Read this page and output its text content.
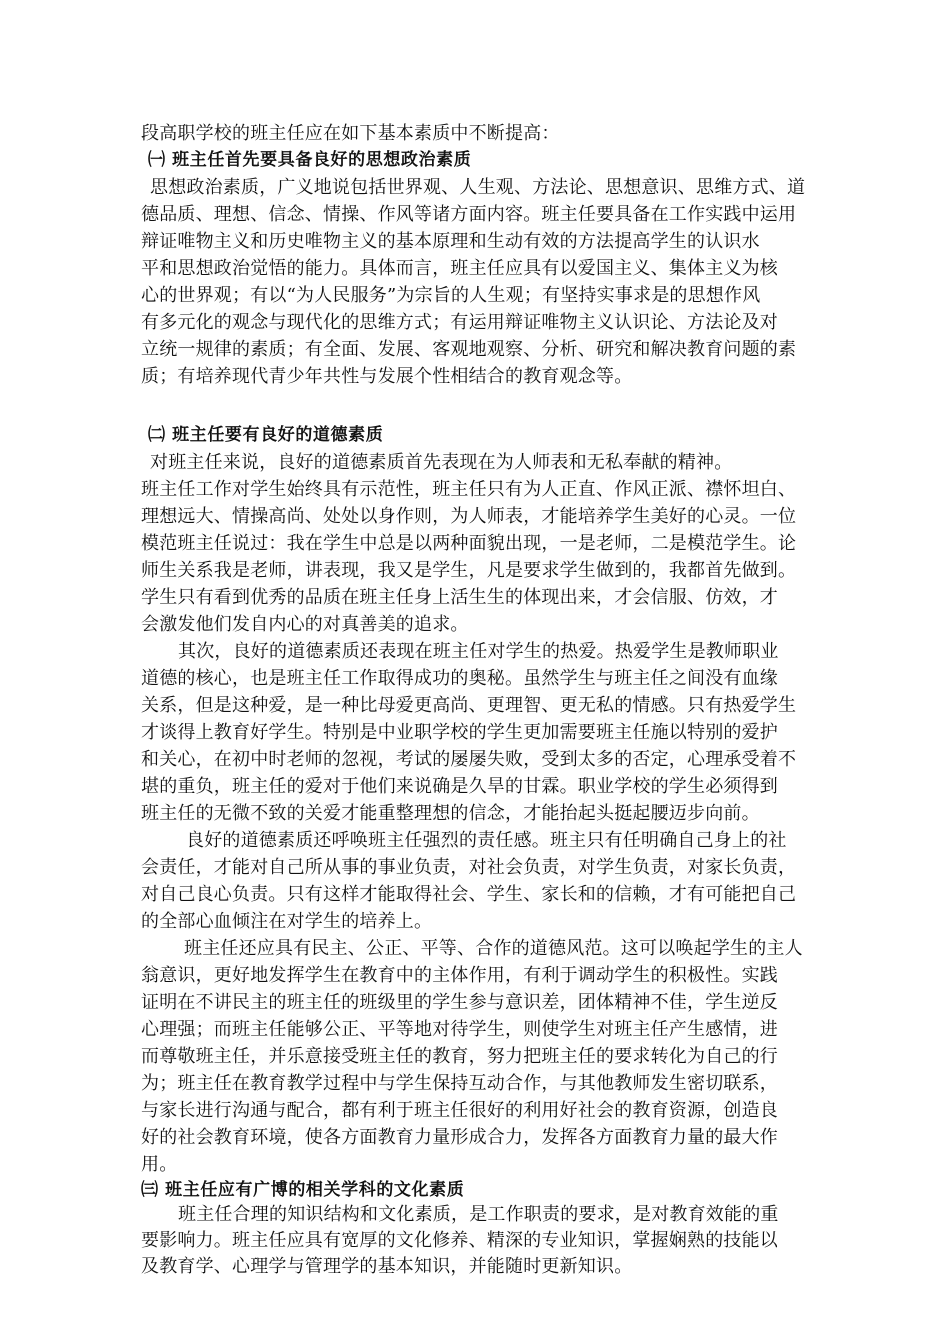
段高职学校的班主任应在如下基本素质中不断提高：
㈠ 班主任首先要具备良好的思想政治素质
思想政治素质，广义地说包括世界观、人生观、方法论、思想意识、思维方式、道
德品质、理想、信念、情操、作风等诸方面内容。班主任要具备在工作实践中运用
辩证唯物主义和历史唯物主义的基本原理和生动有效的方法提高学生的认识水
平和思想政治觉悟的能力。具体而言，班主任应具有以爱国主义、集体主义为核
心的世界观；有以“为人民服务”为宗旨的人生观；有坚持实事求是的思想作风
有多元化的观念与现代化的思维方式；有运用辩证唯物主义认识论、方法论及对
立统一规律的素质；有全面、发展、客观地观察、分析、研究和解决教育问题的素
质；有培养现代青少年共性与发展个性相结合的教育观念等。
㈡ 班主任要有良好的道德素质
对班主任来说，良好的道德素质首先表现在为人师表和无私奉献的精神。
班主任工作对学生始终具有示范性，班主任只有为人正直、作风正派、襟怀坦白、
理想远大、情操高尚、处处以身作则，为人师表，才能培养学生美好的心灵。一位
模范班主任说过：我在学生中总是以两种面貌出现，一是老师，二是模范学生。论
师生关系我是老师，讲表现，我又是学生，凡是要求学生做到的，我都首先做到。
学生只有看到优秀的品质在班主任身上活生生的体现出来，才会信服、仿效，才
会激发他们发自内心的对真善美的追求。
其次，良好的道德素质还表现在班主任对学生的热爱。热爱学生是教师职业
道德的核心，也是班主任工作取得成功的奥秘。虽然学生与班主任之间没有血缘
关系，但是这种爱，是一种比母爱更高尚、更理智、更无私的情感。只有热爱学生
才谈得上教育好学生。特别是中业职学校的学生更加需要班主任施以特别的爱护
和关心，在初中时老师的忽视，考试的屡屡失败，受到太多的否定，心理承受着不
堪的重负，班主任的爱对于他们来说确是久旱的甘霖。职业学校的学生必须得到
班主任的无微不致的关爱才能重整理想的信念，才能抬起头挺起腰迈步向前。
良好的道德素质还呼唤班主任强烈的责任感。班主只有任明确自己身上的社
会责任，才能对自己所从事的事业负责，对社会负责，对学生负责，对家长负责，
对自己良心负责。只有这样才能取得社会、学生、家长和的信赖，才有可能把自己
的全部心血倾注在对学生的培养上。
班主任还应具有民主、公正、平等、合作的道德风范。这可以唤起学生的主人
翁意识，更好地发挥学生在教育中的主体作用，有利于调动学生的积极性。实践
证明在不讲民主的班主任的班级里的学生参与意识差，团体精神不佳，学生逆反
心理强；而班主任能够公正、平等地对待学生，则使学生对班主任产生感情，进
而尊敬班主任，并乐意接受班主任的教育，努力把班主任的要求转化为自己的行
为；班主任在教育教学过程中与学生保持互动合作，与其他教师发生密切联系，
与家长进行沟通与配合，都有利于班主任很好的利用好社会的教育资源，创造良
好的社会教育环境，使各方面教育力量形成合力，发挥各方面教育力量的最大作
用。
㈢ 班主任应有广博的相关学科的文化素质
班主任合理的知识结构和文化素质，是工作职责的要求，是对教育效能的重
要影响力。班主任应具有宽厚的文化修养、精深的专业知识，掌握娴熟的技能以
及教育学、心理学与管理学的基本知识，并能随时更新知识。
